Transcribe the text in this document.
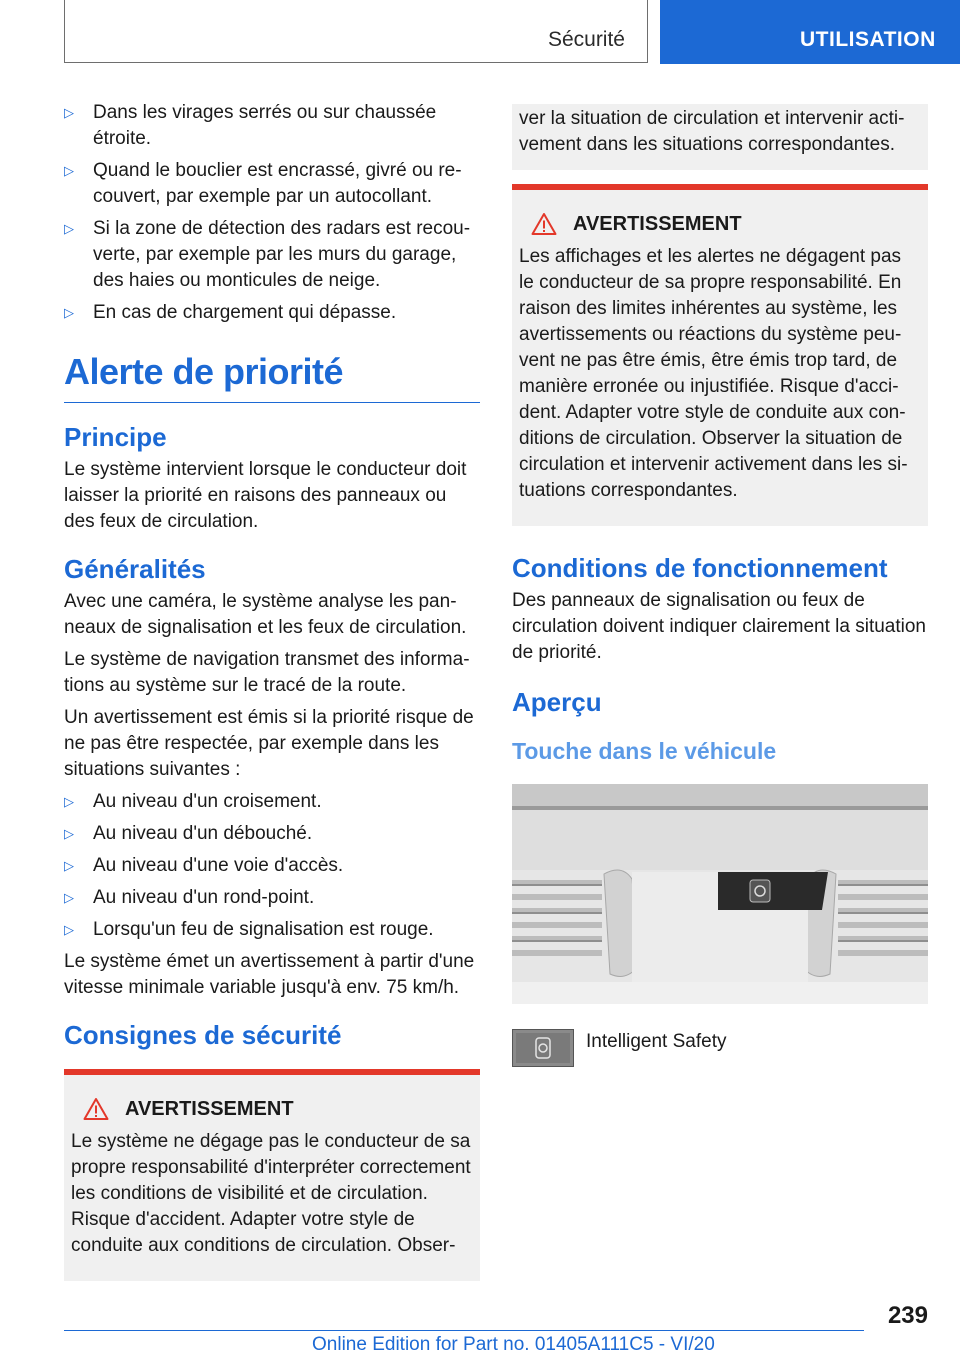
Sécurité	UTILISATION
▷ Dans les virages serrés ou sur chaussée étroite.
▷ Quand le bouclier est encrassé, givré ou recouvert, par exemple par un autocollant.
▷ Si la zone de détection des radars est recouverte, par exemple par les murs du garage, des haies ou monticules de neige.
▷ En cas de chargement qui dépasse.
Alerte de priorité
Principe

Le système intervient lorsque le conducteur doit laisser la priorité en raisons des panneaux ou des feux de circulation.

Généralités

Avec une caméra, le système analyse les panneaux de signalisation et les feux de circulation.

Le système de navigation transmet des informations au système sur le tracé de la route.

Un avertissement est émis si la priorité risque de ne pas être respectée, par exemple dans les situations suivantes :

▷ Au niveau d'un croisement.
▷ Au niveau d'un débouché.
▷ Au niveau d'une voie d'accès.
▷ Au niveau d'un rond-point.
▷ Lorsqu'un feu de signalisation est rouge.

Le système émet un avertissement à partir d'une vitesse minimale variable jusqu'à env. 75 km/h.

Consignes de sécurité
AVERTISSEMENT

Le système ne dégage pas le conducteur de sa propre responsabilité d'interpréter correctement les conditions de visibilité et de circulation. Risque d'accident. Adapter votre style de conduite aux conditions de circulation. Obser-

ver la situation de circulation et intervenir activement dans les situations correspondantes.

AVERTISSEMENT

Les affichages et les alertes ne dégagent pas le conducteur de sa propre responsabilité. En raison des limites inhérentes au système, les avertissements ou réactions du système peuvent ne pas être émis, être émis trop tard, de manière erronée ou injustifiée. Risque d'accident. Adapter votre style de conduite aux conditions de circulation. Observer la situation de circulation et intervenir activement dans les situations correspondantes.

Conditions de fonctionnement

Des panneaux de signalisation ou feux de circulation doivent indiquer clairement la situation de priorité.

Aperçu
Touche dans le véhicule
Intelligent Safety
239
Online Edition for Part no. 01405A111C5 - VI/20
